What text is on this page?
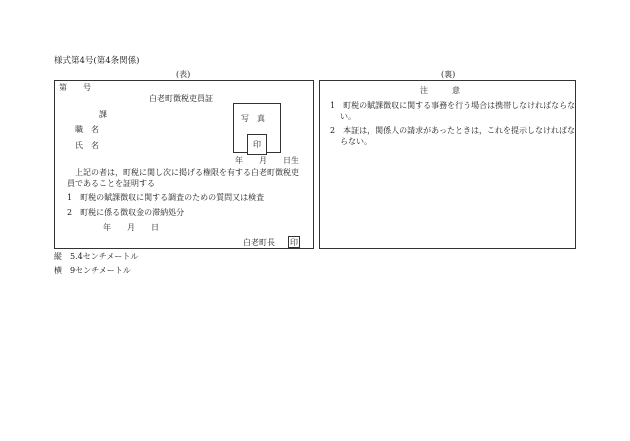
様式第4号(第4条関係)
(表)
第　　号
白老町徴税吏員証
課
職　名
氏　名
写　真
印
年　　月　　日生
上記の者は，町税に関し次に掲げる権限を有する白老町徴税吏員であることを証明する
1　町税の賦課徴収に関する調査のための質問又は検査
2　町税に係る徴収金の滞納処分
年　　月　　日
白老町長 印
(裏)
注　　　意
1　町税の賦課徴収に関する事務を行う場合は携帯しなければならない。
2　本証は，関係人の請求があったときは，これを提示しなければならない。
縦　5.4センチメートル
横　9センチメートル
